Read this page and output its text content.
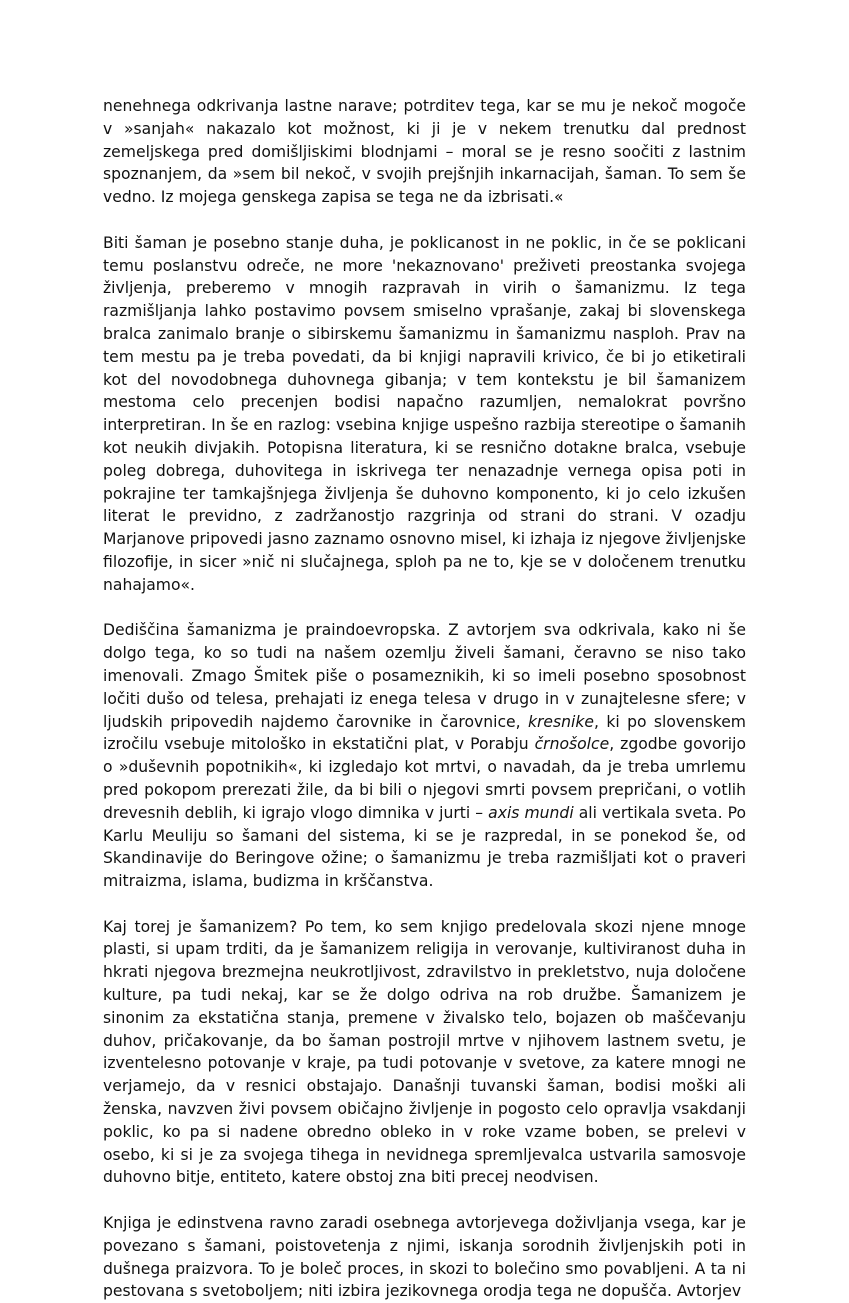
nenehnega odkrivanja lastne narave; potrditev tega, kar se mu je nekoč mogoče v »sanjah« nakazalo kot možnost, ki ji je v nekem trenutku dal prednost zemeljskega pred domišljiskimi blodnjami – moral se je resno soočiti z lastnim spoznanjem, da »sem bil nekoč, v svojih prejšnjih inkarnacijah, šaman. To sem še vedno. Iz mojega genskega zapisa se tega ne da izbrisati.«

Biti šaman je posebno stanje duha, je poklicanost in ne poklic, in če se poklicani temu poslanstvu odreče, ne more 'nekaznovano' preživeti preostanka svojega življenja, preberemo v mnogih razpravah in virih o šamanizmu. Iz tega razmišljanja lahko postavimo povsem smiselno vprašanje, zakaj bi slovenskega bralca zanimalo branje o sibirskemu šamanizmu in šamanizmu nasploh. Prav na tem mestu pa je treba povedati, da bi knjigi napravili krivico, če bi jo etiketirali kot del novodobnega duhovnega gibanja; v tem kontekstu je bil šamanizem mestoma celo precenjen bodisi napačno razumljen, nemalokrat površno interpretiran. In še en razlog: vsebina knjige uspešno razbija stereotipe o šamanih kot neukih divjakih. Potopisna literatura, ki se resnično dotakne bralca, vsebuje poleg dobrega, duhovitega in iskrivega ter nenazadnje vernega opisa poti in pokrajine ter tamkajšnjega življenja še duhovno komponento, ki jo celo izkušen literat le previdno, z zadržanostjo razgrinja od strani do strani. V ozadju Marjanove pripovedi jasno zaznamo osnovno misel, ki izhaja iz njegove življenjske filozofije, in sicer »nič ni slučajnega, sploh pa ne to, kje se v določenem trenutku nahajamo«.

Dediščina šamanizma je praindoevropska. Z avtorjem sva odkrivala, kako ni še dolgo tega, ko so tudi na našem ozemlju živeli šamani, čeravno se niso tako imenovali. Zmago Šmitek piše o posameznikih, ki so imeli posebno sposobnost ločiti dušo od telesa, prehajati iz enega telesa v drugo in v zunajtelesne sfere; v ljudskih pripovedih najdemo čarovnike in čarovnice, kresnike, ki po slovenskem izročilu vsebuje mitološko in ekstatični plat, v Porabju črnošolce, zgodbe govorijo o »duševnih popotnikih«, ki izgledajo kot mrtvi, o navadah, da je treba umrlemu pred pokopom prerezati žile, da bi bili o njegovi smrti povsem prepričani, o votlih drevesnih deblih, ki igrajo vlogo dimnika v jurti – axis mundi ali vertikala sveta. Po Karlu Meuliju so šamani del sistema, ki se je razpredal, in se ponekod še, od Skandinavije do Beringove ožine; o šamanizmu je treba razmišljati kot o praveri mitraizma, islama, budizma in krščanstva.

Kaj torej je šamanizem? Po tem, ko sem knjigo predelovala skozi njene mnoge plasti, si upam trditi, da je šamanizem religija in verovanje, kultiviranost duha in hkrati njegova brezmejna neukrotljivost, zdravilstvo in prekletstvo, nuja določene kulture, pa tudi nekaj, kar se že dolgo odriva na rob družbe. Šamanizem je sinonim za ekstatična stanja, premene v živalsko telo, bojazen ob maščevanju duhov, pričakovanje, da bo šaman postrojil mrtve v njihovem lastnem svetu, je izventelesno potovanje v kraje, pa tudi potovanje v svetove, za katere mnogi ne verjamejo, da v resnici obstajajo. Današnji tuvanski šaman, bodisi moški ali ženska, navzven živi povsem običajno življenje in pogosto celo opravlja vsakdanji poklic, ko pa si nadene obredno obleko in v roke vzame boben, se prelevi v osebo, ki si je za svojega tihega in nevidnega spremljevalca ustvarila samosvoje duhovno bitje, entiteto, katere obstoj zna biti precej neodvisen.

Knjiga je edinstvena ravno zaradi osebnega avtorjevega doživljanja vsega, kar je povezano s šamani, poistovetenja z njimi, iskanja sorodnih življenjskih poti in dušnega praizvora. To je boleč proces, in skozi to bolečino smo povabljeni. A ta ni pestovana s svetoboljem; niti izbira jezikovnega orodja tega ne dopušča. Avtorjev
